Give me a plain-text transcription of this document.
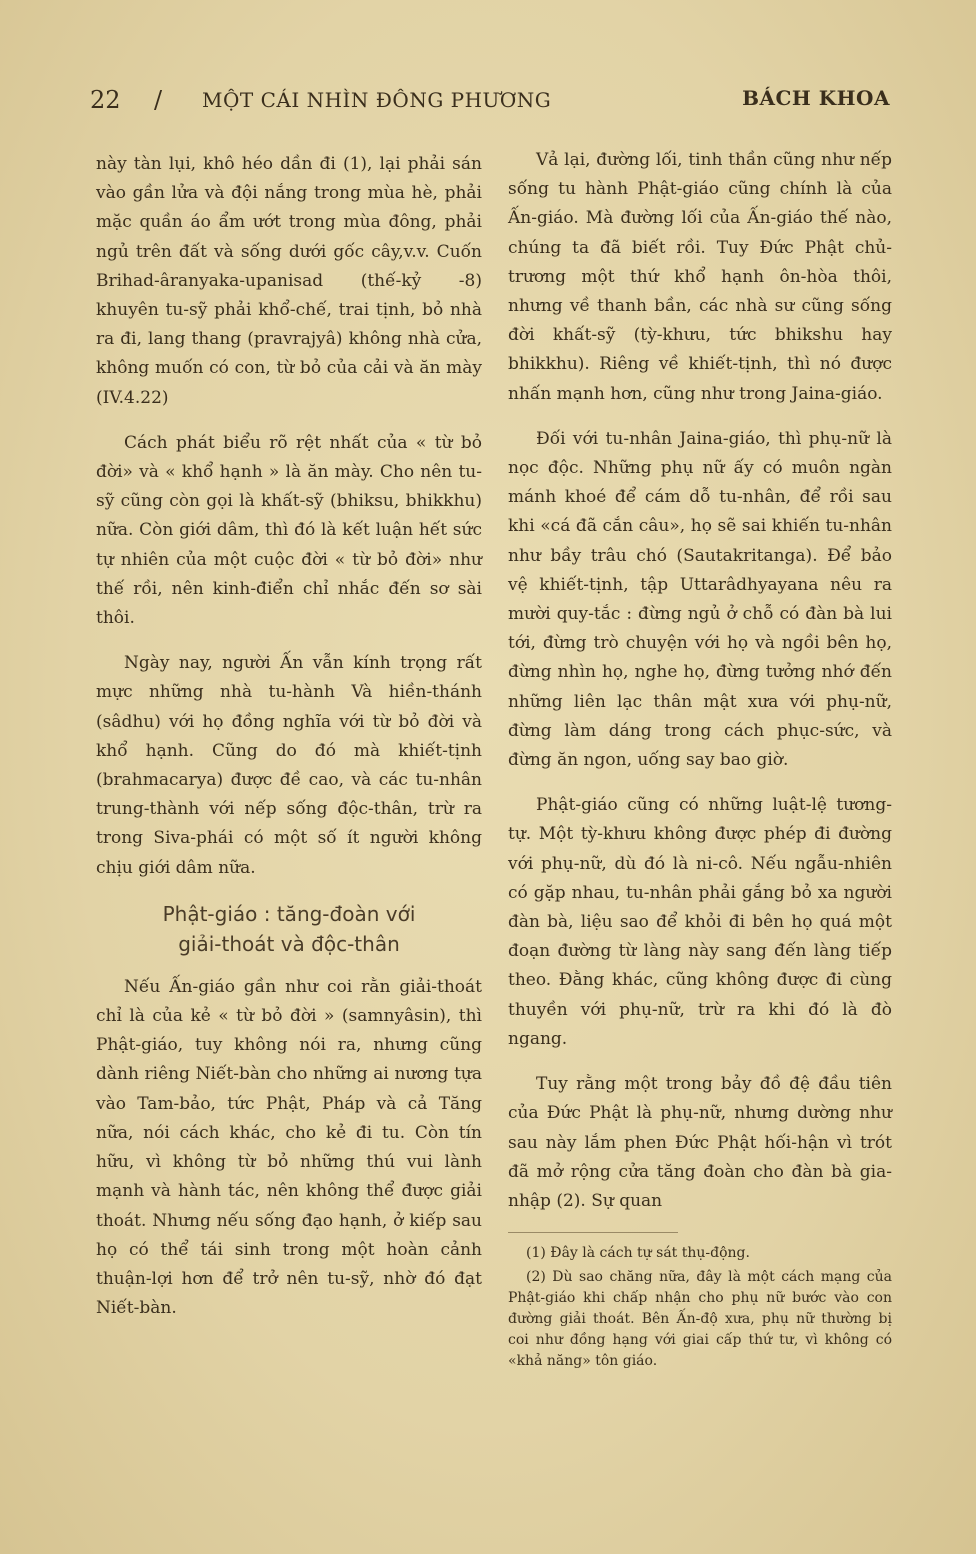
22 / MỘT CÁI NHÌN ĐÔNG PHƯƠNG	BÁCH KHOA

này tàn lụi, khô héo dần đi (1), lại phải sán vào gần lửa và đội nắng trong mùa hè, phải mặc quần áo ẩm ướt trong mùa đông, phải ngủ trên đất và sống dưới gốc cây,v.v. Cuốn Brihad-âranyaka-upanisad (thế-kỷ -8) khuyên tu-sỹ phải khổ-chế, trai tịnh, bỏ nhà ra đi, lang thang (pravrajyâ) không nhà cửa, không muốn có con, từ bỏ của cải và ăn mày (IV.4.22)

Cách phát biểu rõ rệt nhất của « từ bỏ đời» và « khổ hạnh » là ăn mày. Cho nên tu-sỹ cũng còn gọi là khất-sỹ (bhiksu, bhikkhu) nữa. Còn giới dâm, thì đó là kết luận hết sức tự nhiên của một cuộc đời « từ bỏ đời» như thế rồi, nên kinh-điển chỉ nhắc đến sơ sài thôi.

Ngày nay, người Ấn vẫn kính trọng rất mực những nhà tu-hành Và hiền-thánh (sâdhu) với họ đồng nghĩa với từ bỏ đời và khổ hạnh. Cũng do đó mà khiết-tịnh (brahmacarya) được đề cao, và các tu-nhân trung-thành với nếp sống độc-thân, trừ ra trong Siva-phái có một số ít người không chịu giới dâm nữa.

Phật-giáo : tăng-đoàn với
giải-thoát và độc-thân

Nếu Ấn-giáo gần như coi rằn giải-thoát chỉ là của kẻ « từ bỏ đời » (samnyâsin), thì Phật-giáo, tuy không nói ra, nhưng cũng dành riêng Niết-bàn cho những ai nương tựa vào Tam-bảo, tức Phật, Pháp và cả Tăng nữa, nói cách khác, cho kẻ đi tu. Còn tín hữu, vì không từ bỏ những thú vui lành mạnh và hành tác, nên không thể được giải thoát. Nhưng nếu sống đạo hạnh, ở kiếp sau họ có thể tái sinh trong một hoàn cảnh thuận-lợi hơn để trở nên tu-sỹ, nhờ đó đạt Niết-bàn.

Vả lại, đường lối, tinh thần cũng như nếp sống tu hành Phật-giáo cũng chính là của Ấn-giáo. Mà đường lối của Ấn-giáo thế nào, chúng ta đã biết rồi. Tuy Đức Phật chủ-trương một thứ khổ hạnh ôn-hòa thôi, nhưng về thanh bần, các nhà sư cũng sống đời khất-sỹ (tỳ-khưu, tức bhikshu hay bhikkhu). Riêng về khiết-tịnh, thì nó được nhấn mạnh hơn, cũng như trong Jaina-giáo.

Đối với tu-nhân Jaina-giáo, thì phụ-nữ là nọc độc. Những phụ nữ ấy có muôn ngàn mánh khoé để cám dỗ tu-nhân, để rồi sau khi «cá đã cắn câu», họ sẽ sai khiến tu-nhân như bầy trâu chó (Sautakritanga). Để bảo vệ khiết-tịnh, tập Uttarâdhyayana nêu ra mười quy-tắc : đừng ngủ ở chỗ có đàn bà lui tới, đừng trò chuyện với họ và ngồi bên họ, đừng nhìn họ, nghe họ, đừng tưởng nhớ đến những liên lạc thân mật xưa với phụ-nữ, đừng làm dáng trong cách phục-sức, và đừng ăn ngon, uống say bao giờ.

Phật-giáo cũng có những luật-lệ tương-tự. Một tỳ-khưu không được phép đi đường với phụ-nữ, dù đó là ni-cô. Nếu ngẫu-nhiên có gặp nhau, tu-nhân phải gắng bỏ xa người đàn bà, liệu sao để khỏi đi bên họ quá một đoạn đường từ làng này sang đến làng tiếp theo. Đằng khác, cũng không được đi cùng thuyền với phụ-nữ, trừ ra khi đó là đò ngang.

Tuy rằng một trong bảy đồ đệ đầu tiên của Đức Phật là phụ-nữ, nhưng dường như sau này lắm phen Đức Phật hối-hận vì trót đã mở rộng cửa tăng đoàn cho đàn bà gia-nhập (2). Sự quan

(1) Đây là cách tự sát thụ-động.

(2) Dù sao chăng nữa, đây là một cách mạng của Phật-giáo khi chấp nhận cho phụ nữ bước vào con đường giải thoát. Bên Ấn-độ xưa, phụ nữ thường bị coi như đồng hạng với giai cấp thứ tư, vì không có «khả năng» tôn giáo.
